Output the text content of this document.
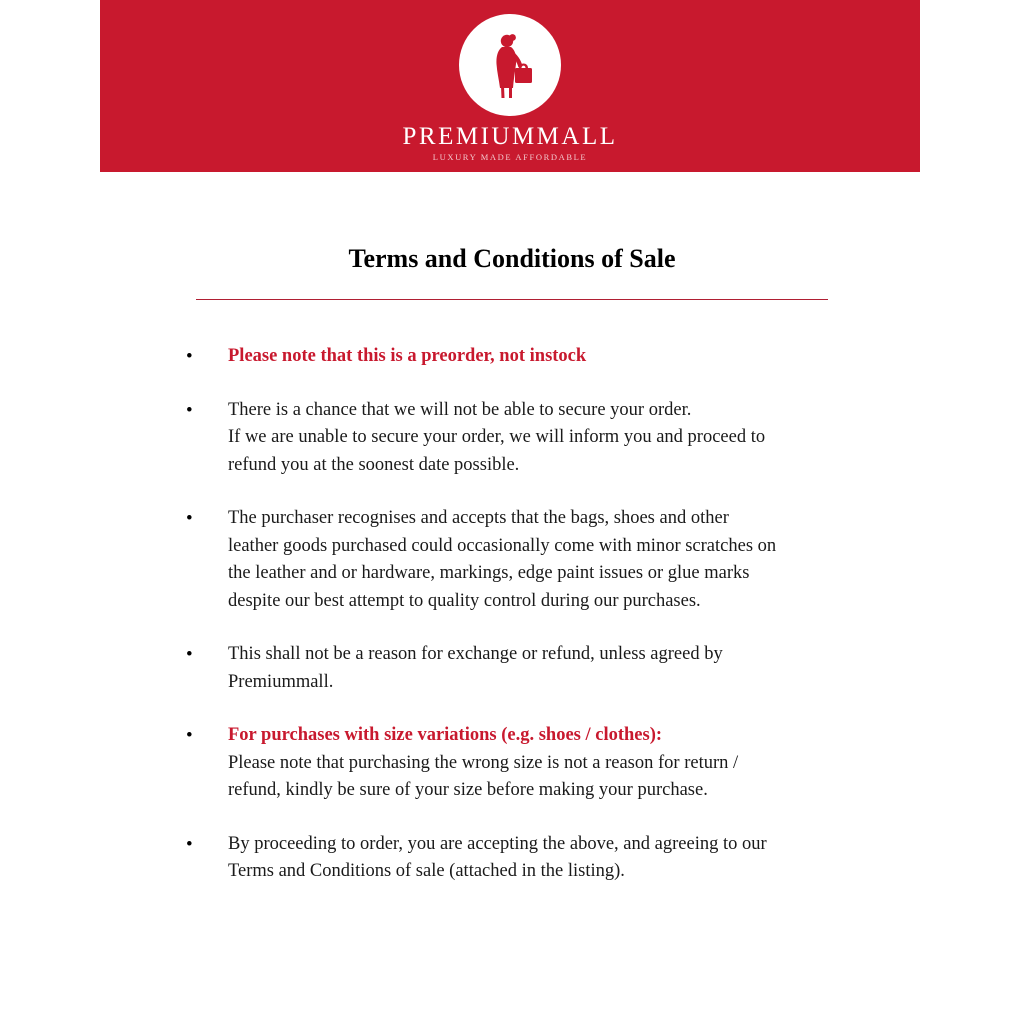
PREMIUMMALL
LUXURY MADE AFFORDABLE
Terms and Conditions of Sale
•	Please note that this is a preorder, not instock
•	There is a chance that we will not be able to secure your order.
If we are unable to secure your order, we will inform you and proceed to
refund you at the soonest date possible.
•	The purchaser recognises and accepts that the bags, shoes and other
leather goods purchased could occasionally come with minor scratches on
the leather and or hardware, markings, edge paint issues or glue marks
despite our best attempt to quality control during our purchases.
•	This shall not be a reason for exchange or refund, unless agreed by
Premiummall.
•	For purchases with size variations (e.g. shoes / clothes):
Please note that purchasing the wrong size is not a reason for return /
refund, kindly be sure of your size before making your purchase.
•	By proceeding to order, you are accepting the above, and agreeing to our
Terms and Conditions of sale (attached in the listing).
